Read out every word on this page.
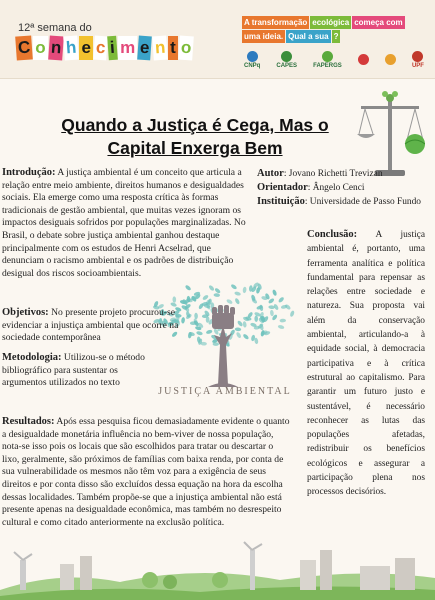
12ª semana do
C o n h e c i m e n t o
A transformação ecológica começa com
uma ideia. Qual a sua ?
CNPq	CAPES	FAPERGS	UPF
Quando a Justiça é Cega, Mas o
Capital Enxerga Bem
Autor: Jovano Richetti Trevizan
Orientador: Ângelo Cenci
Instituição: Universidade de Passo Fundo
JUSTIÇA AMBIENTAL
Introdução: A justiça ambiental é um conceito que articula a relação entre meio ambiente, direitos humanos e desigualdades sociais. Ela emerge como uma resposta crítica às formas tradicionais de gestão ambiental, que muitas vezes ignoram os impactos desiguais sofridos por populações marginalizadas. No Brasil, o debate sobre justiça ambiental ganhou destaque principalmente com os estudos de Henri Acselrad, que denunciam o racismo ambiental e os padrões de distribuição desigual dos riscos socioambientais.
Objetivos: No presente projeto procurou-se evidenciar a injustiça ambiental que ocorre na sociedade contemporânea
Metodologia: Utilizou-se o método bibliográfico para sustentar os argumentos utilizados no texto
Resultados: Após essa pesquisa ficou demasiadamente evidente o quanto a desigualdade monetária influência no bem-viver de nossa população, nota-se isso pois os locais que são escolhidos para tratar ou descartar o lixo, geralmente, são próximos de famílias com baixa renda, por conta de sua vulnerabilidade os mesmos não têm voz para a exigência de seus direitos e por conta disso são excluídos dessa equação na hora da escolha dessas localidades. Também propõe-se que a injustiça ambiental não está presente apenas na desigualdade econômica, mas também no desrespeito cultural e como citado anteriormente na exclusão política.
Conclusão: A justiça ambiental é, portanto, uma ferramenta analítica e política fundamental para repensar as relações entre sociedade e natureza. Sua proposta vai além da conservação ambiental, articulando-a à equidade social, à democracia participativa e à crítica estrutural ao capitalismo. Para garantir um futuro justo e sustentável, é necessário reconhecer as lutas das populações afetadas, redistribuir os benefícios ecológicos e assegurar a participação plena nos processos decisórios.
